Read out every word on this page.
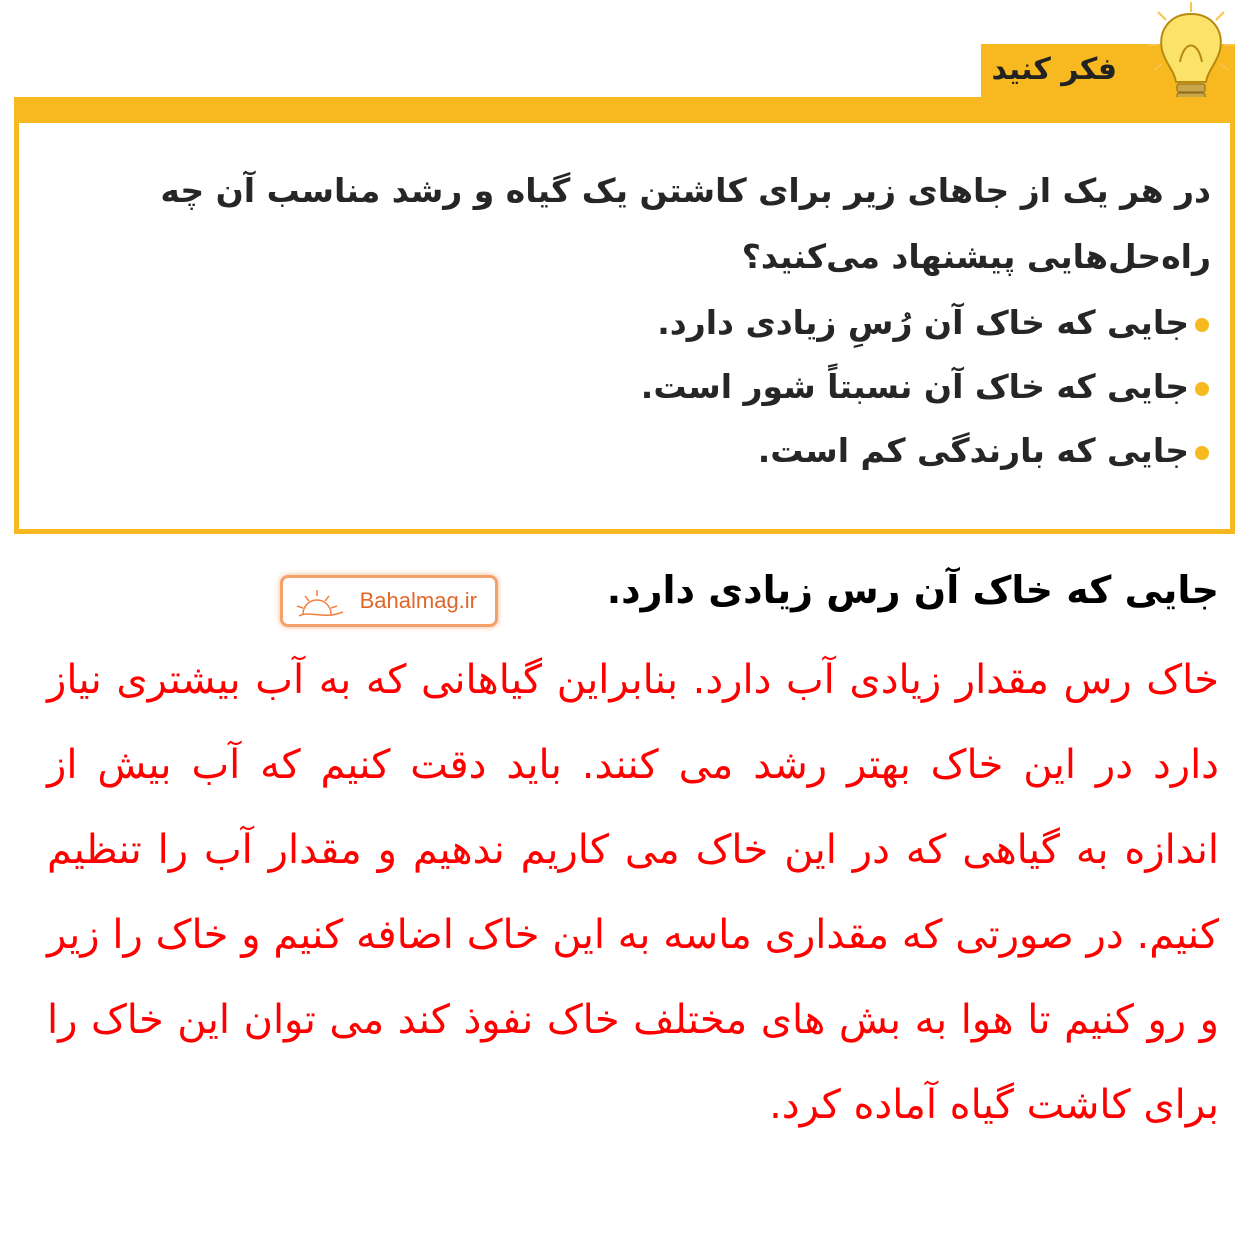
فکر کنید
در هر یک از جاهای زیر برای کاشتن یک گیاه و رشد مناسب آن چه راه‌حل‌هایی پیشنهاد می‌کنید؟
جایی که خاک آن رُسِ زیادی دارد.
جایی که خاک آن نسبتاً شور است.
جایی که بارندگی کم است.
جایی که خاک آن رس زیادی دارد.
Bahalmag.ir
خاک رس مقدار زیادی آب دارد. بنابراین گیاهانی که به آب بیشتری نیاز دارد در این خاک بهتر رشد می کنند. باید دقت کنیم که آب بیش از اندازه به گیاهی که در این خاک می کاریم ندهیم و مقدار آب را تنظیم کنیم. در صورتی که مقداری ماسه به این خاک اضافه کنیم و خاک را زیر و رو کنیم تا هوا به بش های مختلف خاک نفوذ کند می توان این خاک را برای کاشت گیاه آماده کرد.
